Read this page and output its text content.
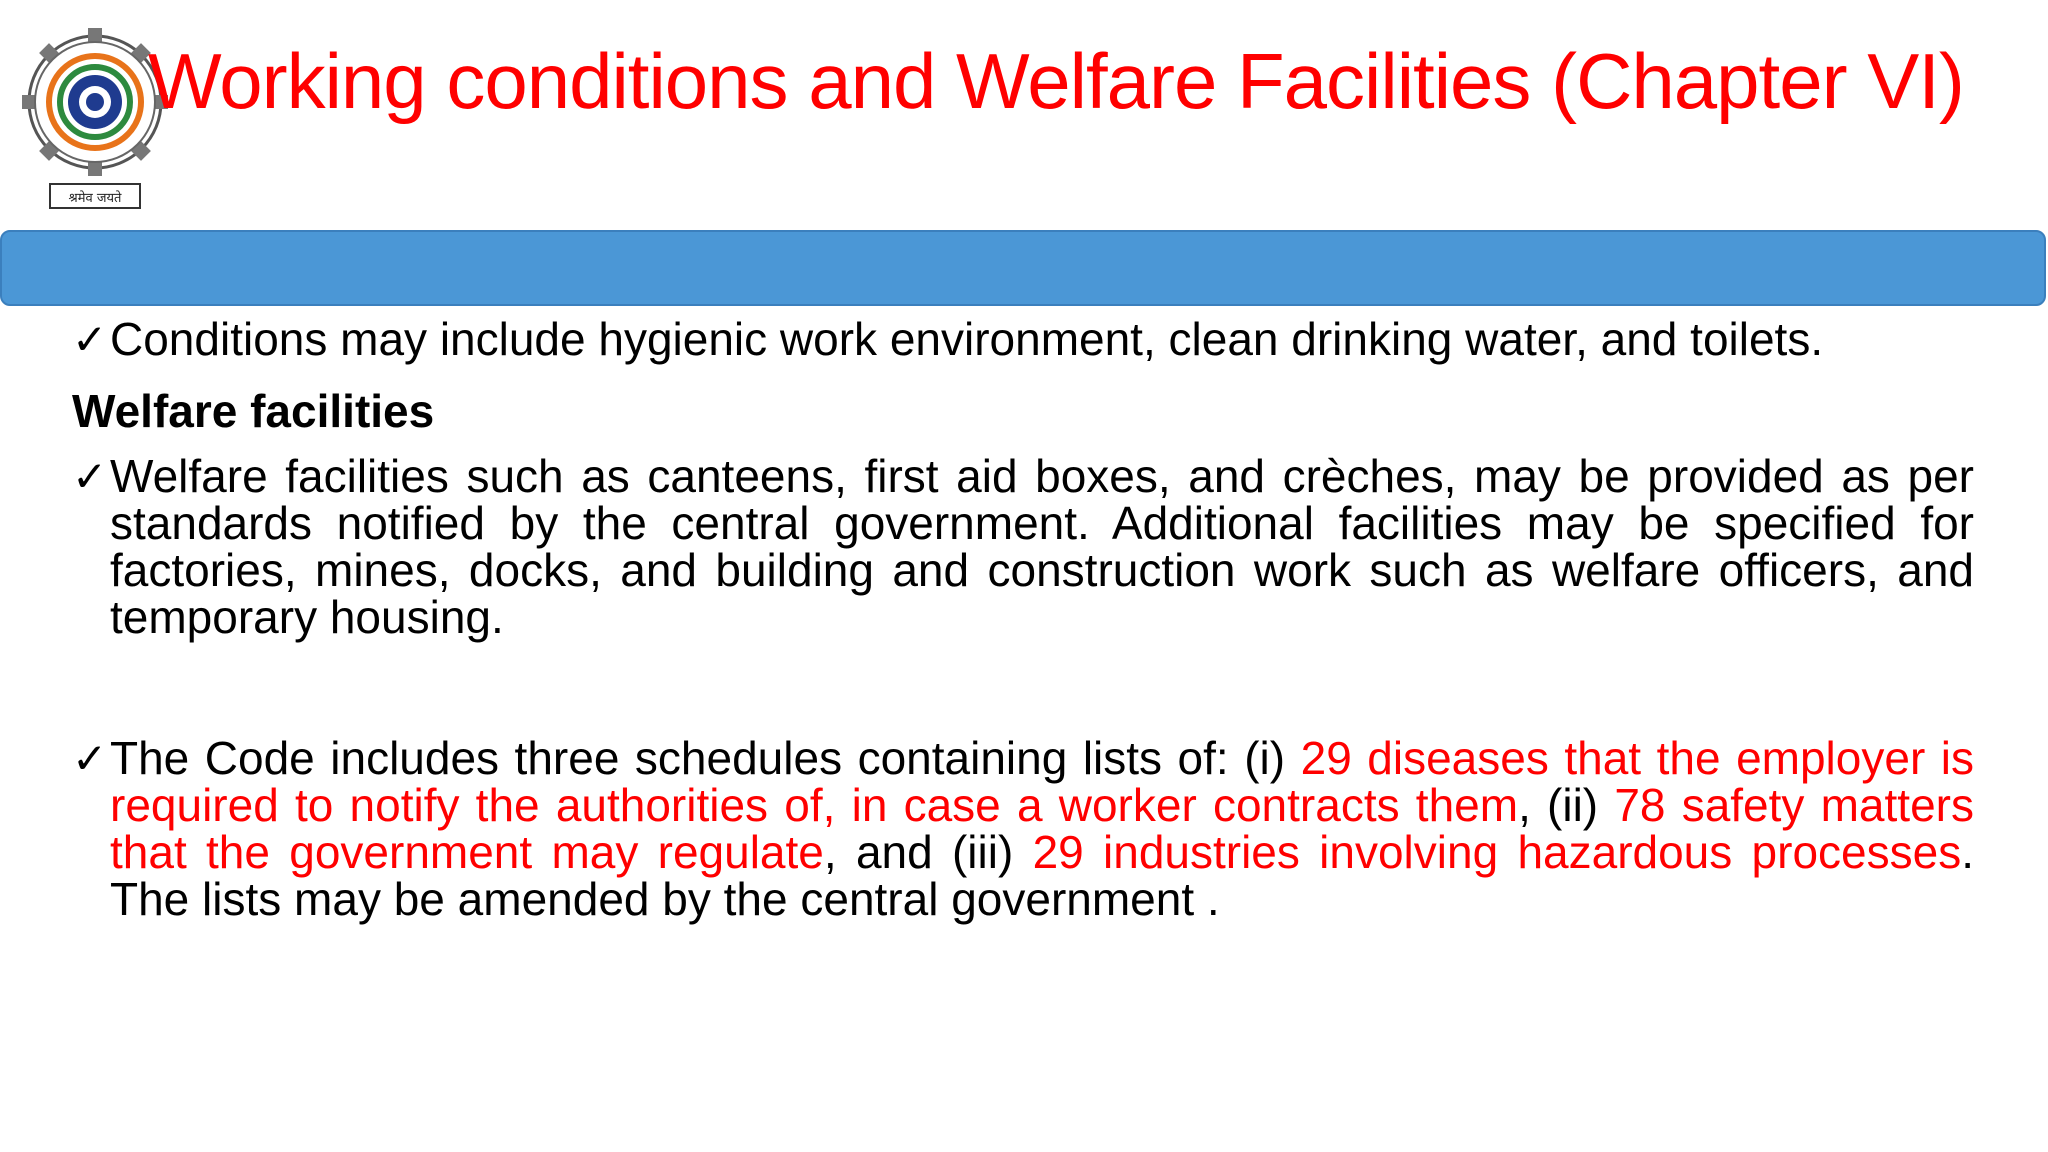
श्रमेव जयते
Working conditions and Welfare Facilities (Chapter VI)

✓ Conditions may include hygienic work environment, clean drinking water, and toilets.

Welfare facilities

✓ Welfare facilities such as canteens, first aid boxes, and crèches, may be provided as per standards notified by the central government. Additional facilities may be specified for factories, mines, docks, and building and construction work such as welfare officers, and temporary housing.

✓ The Code includes three schedules containing lists of: (i) 29 diseases that the employer is required to notify the authorities of, in case a worker contracts them, (ii) 78 safety matters that the government may regulate, and (iii) 29 industries involving hazardous processes. The lists may be amended by the central government .
